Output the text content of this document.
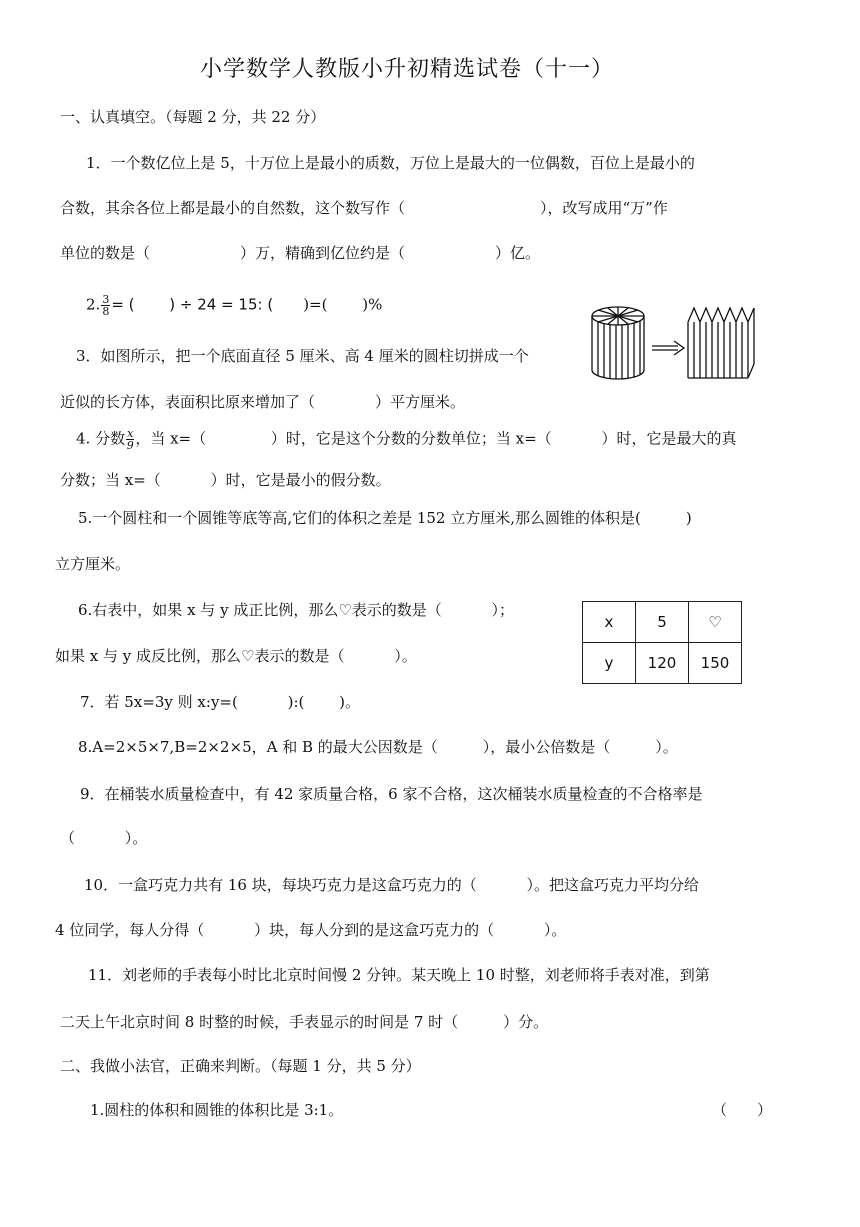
小学数学人教版小升初精选试卷（十一）
一、认真填空。（每题 2 分，共 22 分）
1．一个数亿位上是 5，十万位上是最小的质数，万位上是最大的一位偶数，百位上是最小的
合数，其余各位上都是最小的自然数，这个数写作（　　　　　　　　　），改写成用“万”作
单位的数是（　　　　　　）万，精确到亿位约是（　　　　　　）亿。
2. $\frac{3}{8}$ = (　　 ) ÷ 24 = 15: (　　)=(　　 )%
3．如图所示，把一个底面直径 5 厘米、高 4 厘米的圆柱切拼成一个
近似的长方体，表面积比原来增加了（　　　　）平方厘米。
4. 分数 $\frac{x}{9}$ ，当 x=（　　　　 ）时，它是这个分数的分数单位；当 x=（　　　 ）时，它是最大的真
分数；当 x=（　　　 ）时，它是最小的假分数。
5.一个圆柱和一个圆锥等底等高,它们的体积之差是 152 立方厘米,那么圆锥的体积是(　　　)
立方厘米。
6.右表中，如果 x 与 y 成正比例，那么♡表示的数是（　　　 ）；
如果 x 与 y 成反比例，那么♡表示的数是（　　　 ）。
x	5	♡
y	120	150
7．若 5x=3y 则 x:y=(　　　 ):(　　 )。
8.A=2×5×7,B=2×2×5，A 和 B 的最大公因数是（　　　），最小公倍数是（　　　）。
9．在桶装水质量检查中，有 42 家质量合格，6 家不合格，这次桶装水质量检查的不合格率是
（　　　 ）。
10．一盒巧克力共有 16 块，每块巧克力是这盒巧克力的（　　　 ）。把这盒巧克力平均分给
4 位同学，每人分得（　　　 ）块，每人分到的是这盒巧克力的（　　　 ）。
11．刘老师的手表每小时比北京时间慢 2 分钟。某天晚上 10 时整，刘老师将手表对准，到第
二天上午北京时间 8 时整的时候，手表显示的时间是 7 时（　　　）分。
二、我做小法官，正确来判断。（每题 1 分，共 5 分）
1.圆柱的体积和圆锥的体积比是 3:1。	（　　）
